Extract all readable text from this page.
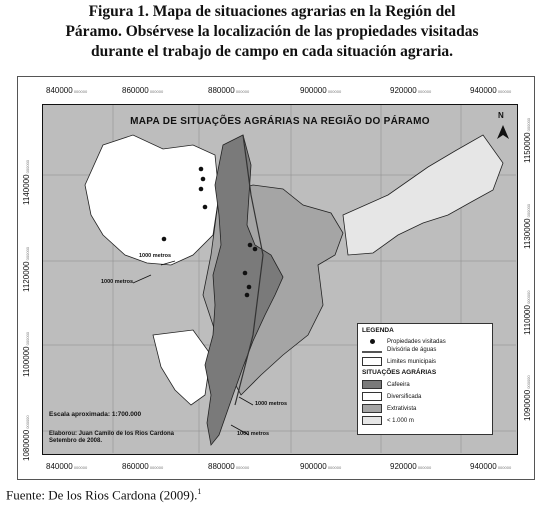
Figura 1. Mapa de situaciones agrarias en la Región del
Páramo. Obsérvese la localización de las propiedades visitadas
durante el trabajo de campo en cada situación agraria.
840000 000000	860000 000000	880000 000000	900000 000000	920000 000000	940000 000000
840000 000000	860000 000000	880000 000000	900000 000000	920000 000000	940000 000000
1140000 000000
1120000 000000
1100000 000000
1080000 000000
1150000 000000
1130000 000000
1110000 000000
1090000 000000
MAPA DE SITUAÇÕES AGRÁRIAS NA REGIÃO DO PÁRAMO
N
1000 metros
1000 metros
1000 metros
1000 metros
LEGENDA
Propiedades visitadas
Divisória de águas
Limites municipais
SITUAÇÕES AGRÁRIAS
Cafeeira
Diversificada
Extrativista
< 1.000 m
Escala aproximada: 1:700.000
Elaborou: Juan Camilo de los Rios Cardona
Setembro de 2008.
Fuente: De los Rios Cardona (2009).$^1$
